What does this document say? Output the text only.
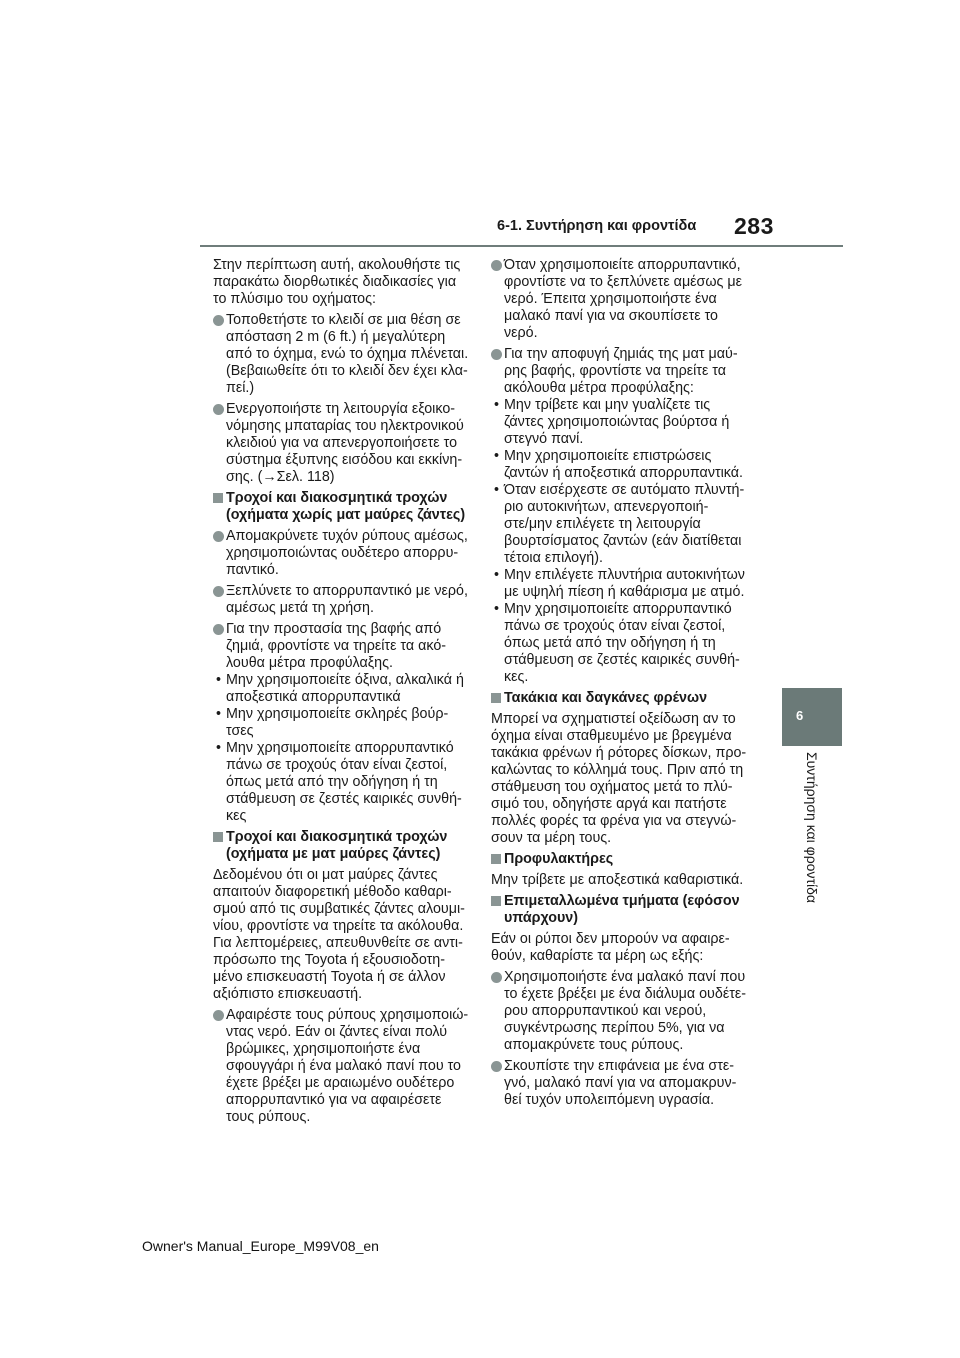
6-1. Συντήρηση και φροντίδα 283
Στην περίπτωση αυτή, ακολουθήστε τις
παρακάτω διορθωτικές διαδικασίες για
το πλύσιμο του οχήματος:
Τοποθετήστε το κλειδί σε μια θέση σε
απόσταση 2 m (6 ft.) ή μεγαλύτερη
από το όχημα, ενώ το όχημα πλένεται.
(Βεβαιωθείτε ότι το κλειδί δεν έχει κλα-
πεί.)
Ενεργοποιήστε τη λειτουργία εξοικο-
νόμησης μπαταρίας του ηλεκτρονικού
κλειδιού για να απενεργοποιήσετε το
σύστημα έξυπνης εισόδου και εκκίνη-
σης. (→Σελ. 118)
Τροχοί και διακοσμητικά τροχών
(οχήματα χωρίς ματ μαύρες ζάντες)
Απομακρύνετε τυχόν ρύπους αμέσως,
χρησιμοποιώντας ουδέτερο απορρυ-
παντικό.
Ξεπλύνετε το απορρυπαντικό με νερό,
αμέσως μετά τη χρήση.
Για την προστασία της βαφής από
ζημιά, φροντίστε να τηρείτε τα ακό-
λουθα μέτρα προφύλαξης.
• Μην χρησιμοποιείτε όξινα, αλκαλικά ή
αποξεστικά απορρυπαντικά
• Μην χρησιμοποιείτε σκληρές βούρ-
τσες
• Μην χρησιμοποιείτε απορρυπαντικό
πάνω σε τροχούς όταν είναι ζεστοί,
όπως μετά από την οδήγηση ή τη
στάθμευση σε ζεστές καιρικές συνθή-
κες
Τροχοί και διακοσμητικά τροχών
(οχήματα με ματ μαύρες ζάντες)
Δεδομένου ότι οι ματ μαύρες ζάντες
απαιτούν διαφορετική μέθοδο καθαρι-
σμού από τις συμβατικές ζάντες αλουμι-
νίου, φροντίστε να τηρείτε τα ακόλουθα.
Για λεπτομέρειες, απευθυνθείτε σε αντι-
πρόσωπο της Toyota ή εξουσιοδοτη-
μένο επισκευαστή Toyota ή σε άλλον
αξιόπιστο επισκευαστή.
Αφαιρέστε τους ρύπους χρησιμοποιώ-
ντας νερό. Εάν οι ζάντες είναι πολύ
βρώμικες, χρησιμοποιήστε ένα
σφουγγάρι ή ένα μαλακό πανί που το
έχετε βρέξει με αραιωμένο ουδέτερο
απορρυπαντικό για να αφαιρέσετε
τους ρύπους.
Όταν χρησιμοποιείτε απορρυπαντικό,
φροντίστε να το ξεπλύνετε αμέσως με
νερό. Έπειτα χρησιμοποιήστε ένα
μαλακό πανί για να σκουπίσετε το
νερό.
Για την αποφυγή ζημιάς της ματ μαύ-
ρης βαφής, φροντίστε να τηρείτε τα
ακόλουθα μέτρα προφύλαξης:
• Μην τρίβετε και μην γυαλίζετε τις
ζάντες χρησιμοποιώντας βούρτσα ή
στεγνό πανί.
• Μην χρησιμοποιείτε επιστρώσεις
ζαντών ή αποξεστικά απορρυπαντικά.
• Όταν εισέρχεστε σε αυτόματο πλυντή-
ριο αυτοκινήτων, απενεργοποιή-
στε/μην επιλέγετε τη λειτουργία
βουρτσίσματος ζαντών (εάν διατίθεται
τέτοια επιλογή).
• Μην επιλέγετε πλυντήρια αυτοκινήτων
με υψηλή πίεση ή καθάρισμα με ατμό.
• Μην χρησιμοποιείτε απορρυπαντικό
πάνω σε τροχούς όταν είναι ζεστοί,
όπως μετά από την οδήγηση ή τη
στάθμευση σε ζεστές καιρικές συνθή-
κες.
Τακάκια και δαγκάνες φρένων
Μπορεί να σχηματιστεί οξείδωση αν το
όχημα είναι σταθμευμένο με βρεγμένα
τακάκια φρένων ή ρότορες δίσκων, προ-
καλώντας το κόλλημά τους. Πριν από τη
στάθμευση του οχήματος μετά το πλύ-
σιμό του, οδηγήστε αργά και πατήστε
πολλές φορές τα φρένα για να στεγνώ-
σουν τα μέρη τους.
Προφυλακτήρες
Μην τρίβετε με αποξεστικά καθαριστικά.
Επιμεταλλωμένα τμήματα (εφόσον
υπάρχουν)
Εάν οι ρύποι δεν μπορούν να αφαιρε-
θούν, καθαρίστε τα μέρη ως εξής:
Χρησιμοποιήστε ένα μαλακό πανί που
το έχετε βρέξει με ένα διάλυμα ουδέτε-
ρου απορρυπαντικού και νερού,
συγκέντρωσης περίπου 5%, για να
απομακρύνετε τους ρύπους.
Σκουπίστε την επιφάνεια με ένα στε-
γνό, μαλακό πανί για να απομακρυν-
θεί τυχόν υπολειπόμενη υγρασία.
6
Συντήρηση και φροντίδα
Owner's Manual_Europe_M99V08_en
